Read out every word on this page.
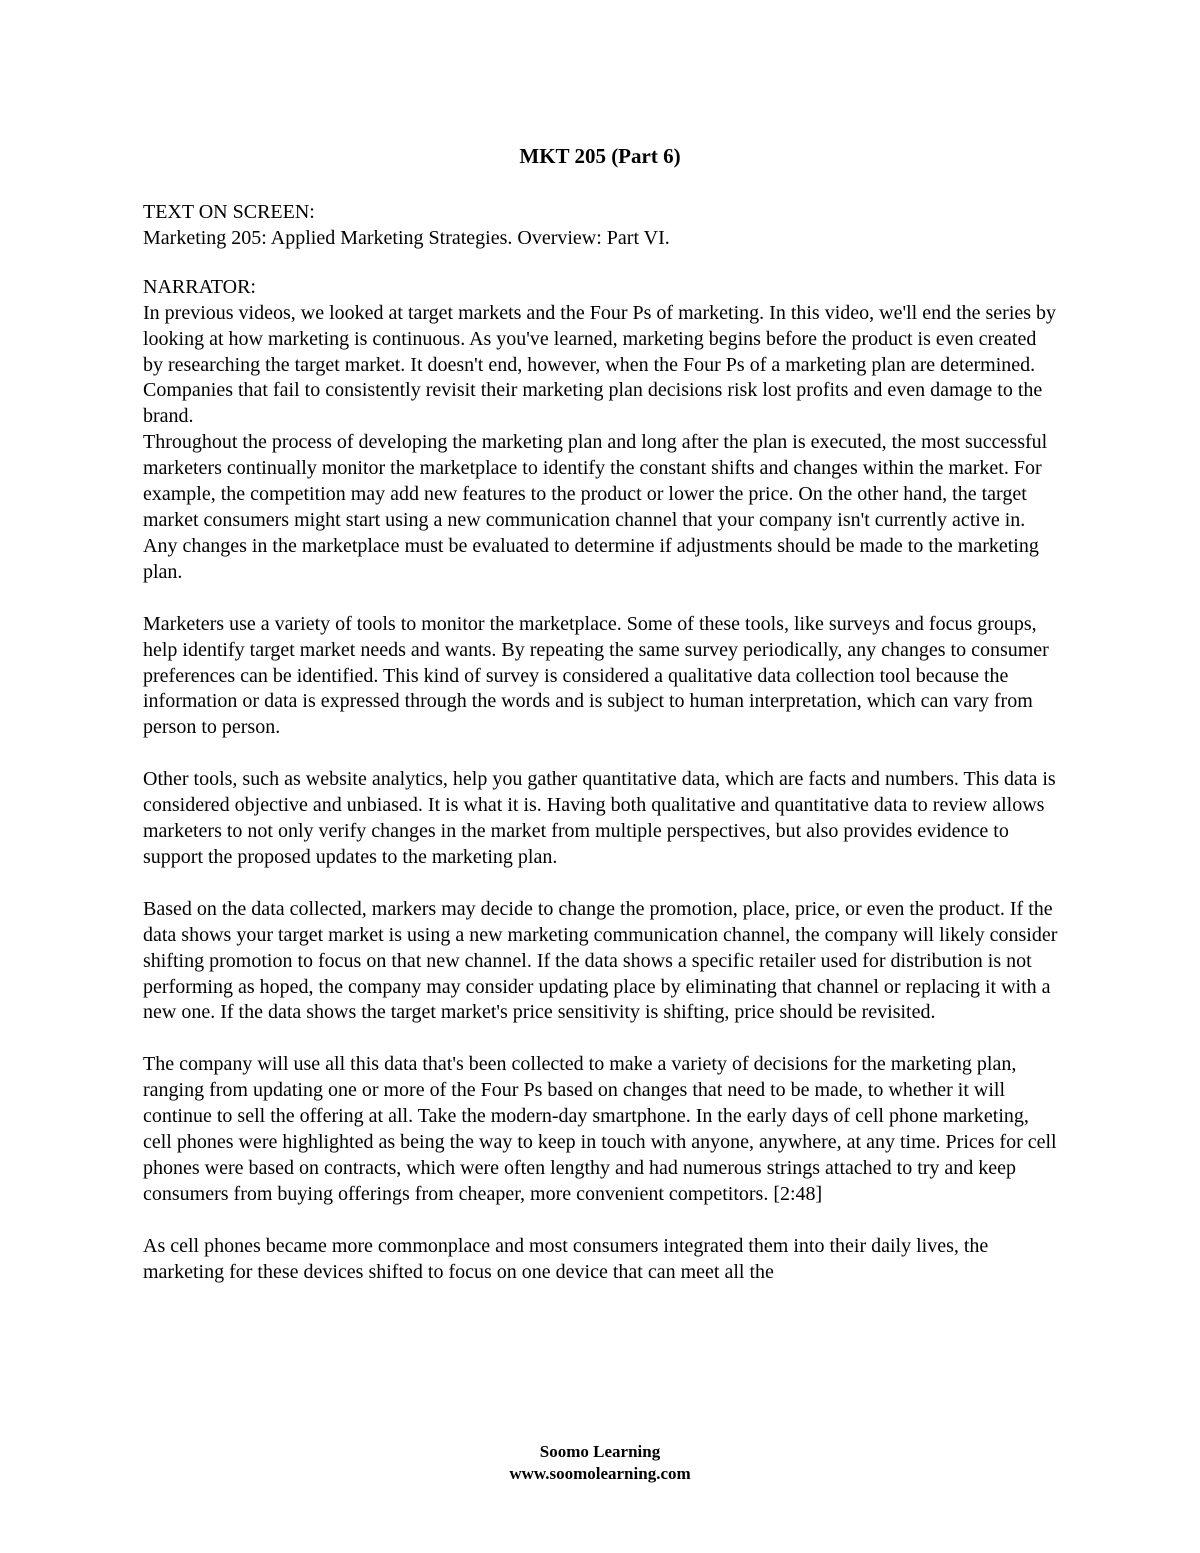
MKT 205 (Part 6)

TEXT ON SCREEN:

Marketing 205: Applied Marketing Strategies. Overview: Part VI.

NARRATOR:

In previous videos, we looked at target markets and the Four Ps of marketing. In this video, we'll end the series by looking at how marketing is continuous. As you've learned, marketing begins before the product is even created by researching the target market. It doesn't end, however, when the Four Ps of a marketing plan are determined. Companies that fail to consistently revisit their marketing plan decisions risk lost profits and even damage to the brand.

Throughout the process of developing the marketing plan and long after the plan is executed, the most successful marketers continually monitor the marketplace to identify the constant shifts and changes within the market. For example, the competition may add new features to the product or lower the price. On the other hand, the target market consumers might start using a new communication channel that your company isn't currently active in. Any changes in the marketplace must be evaluated to determine if adjustments should be made to the marketing plan.

Marketers use a variety of tools to monitor the marketplace. Some of these tools, like surveys and focus groups, help identify target market needs and wants. By repeating the same survey periodically, any changes to consumer preferences can be identified. This kind of survey is considered a qualitative data collection tool because the information or data is expressed through the words and is subject to human interpretation, which can vary from person to person.

Other tools, such as website analytics, help you gather quantitative data, which are facts and numbers. This data is considered objective and unbiased. It is what it is. Having both qualitative and quantitative data to review allows marketers to not only verify changes in the market from multiple perspectives, but also provides evidence to support the proposed updates to the marketing plan.

Based on the data collected, markers may decide to change the promotion, place, price, or even the product. If the data shows your target market is using a new marketing communication channel, the company will likely consider shifting promotion to focus on that new channel. If the data shows a specific retailer used for distribution is not performing as hoped, the company may consider updating place by eliminating that channel or replacing it with a new one. If the data shows the target market's price sensitivity is shifting, price should be revisited.

The company will use all this data that's been collected to make a variety of decisions for the marketing plan, ranging from updating one or more of the Four Ps based on changes that need to be made, to whether it will continue to sell the offering at all. Take the modern-day smartphone. In the early days of cell phone marketing, cell phones were highlighted as being the way to keep in touch with anyone, anywhere, at any time. Prices for cell phones were based on contracts, which were often lengthy and had numerous strings attached to try and keep consumers from buying offerings from cheaper, more convenient competitors. [2:48]

As cell phones became more commonplace and most consumers integrated them into their daily lives, the marketing for these devices shifted to focus on one device that can meet all the

Soomo Learning
www.soomolearning.com
